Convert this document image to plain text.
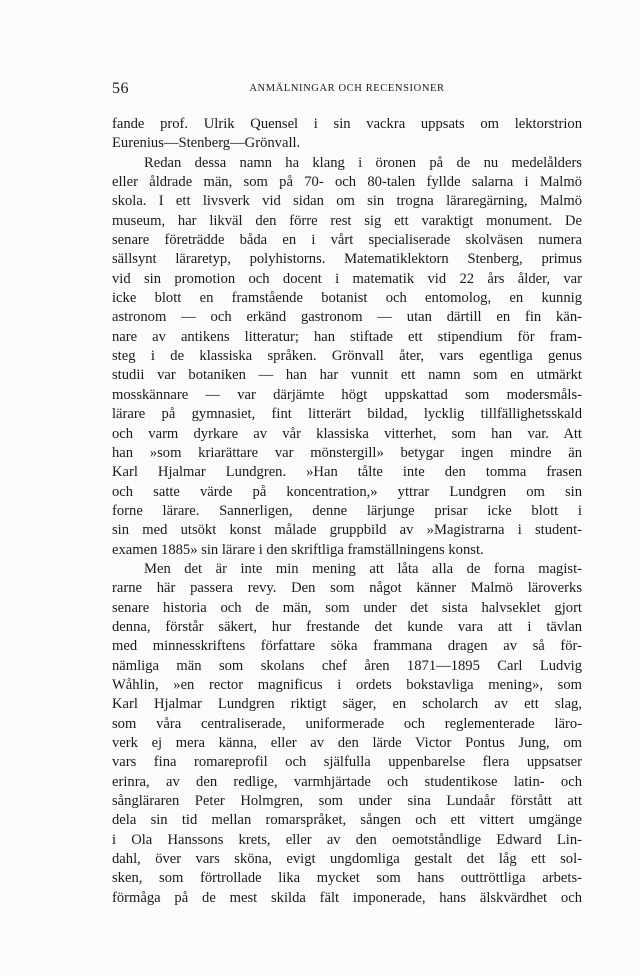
56	ANMÄLNINGAR OCH RECENSIONER
fande prof. Ulrik Quensel i sin vackra uppsats om lektorstrion
Eurenius—Stenberg—Grönvall.
Redan dessa namn ha klang i öronen på de nu medelålders
eller åldrade män, som på 70- och 80-talen fyllde salarna i Malmö
skola. I ett livsverk vid sidan om sin trogna läraregärning, Malmö
museum, har likväl den förre rest sig ett varaktigt monument. De
senare företrädde båda en i vårt specialiserade skolväsen numera
sällsynt läraretyp, polyhistorns. Matematiklektorn Stenberg, primus
vid sin promotion och docent i matematik vid 22 års ålder, var
icke blott en framstående botanist och entomolog, en kunnig
astronom — och erkänd gastronom — utan därtill en fin kän-
nare av antikens litteratur; han stiftade ett stipendium för fram-
steg i de klassiska språken. Grönvall åter, vars egentliga genus
studii var botaniken — han har vunnit ett namn som en utmärkt
mosskännare — var därjämte högt uppskattad som modersmåls-
lärare på gymnasiet, fint litterärt bildad, lycklig tillfällighetsskald
och varm dyrkare av vår klassiska vitterhet, som han var. Att
han »som kriarättare var mönstergill» betygar ingen mindre än
Karl Hjalmar Lundgren. »Han tålte inte den tomma frasen
och satte värde på koncentration,» yttrar Lundgren om sin
forne lärare. Sannerligen, denne lärjunge prisar icke blott i
sin med utsökt konst målade gruppbild av »Magistrarna i student-
examen 1885» sin lärare i den skriftliga framställningens konst.
Men det är inte min mening att låta alla de forna magist-
rarne här passera revy. Den som något känner Malmö läroverks
senare historia och de män, som under det sista halvseklet gjort
denna, förstår säkert, hur frestande det kunde vara att i tävlan
med minnesskriftens författare söka frammana dragen av så för-
nämliga män som skolans chef åren 1871—1895 Carl Ludvig
Wåhlin, »en rector magnificus i ordets bokstavliga mening», som
Karl Hjalmar Lundgren riktigt säger, en scholarch av ett slag,
som våra centraliserade, uniformerade och reglementerade läro-
verk ej mera känna, eller av den lärde Victor Pontus Jung, om
vars fina romareprofil och själfulla uppenbarelse flera uppsatser
erinra, av den redlige, varmhjärtade och studentikose latin- och
sångläraren Peter Holmgren, som under sina Lundaår förstått att
dela sin tid mellan romarspråket, sången och ett vittert umgänge
i Ola Hanssons krets, eller av den oemotståndlige Edward Lin-
dahl, över vars sköna, evigt ungdomliga gestalt det låg ett sol-
sken, som förtrollade lika mycket som hans outtröttliga arbets-
förmåga på de mest skilda fält imponerade, hans älskvärdhet och
